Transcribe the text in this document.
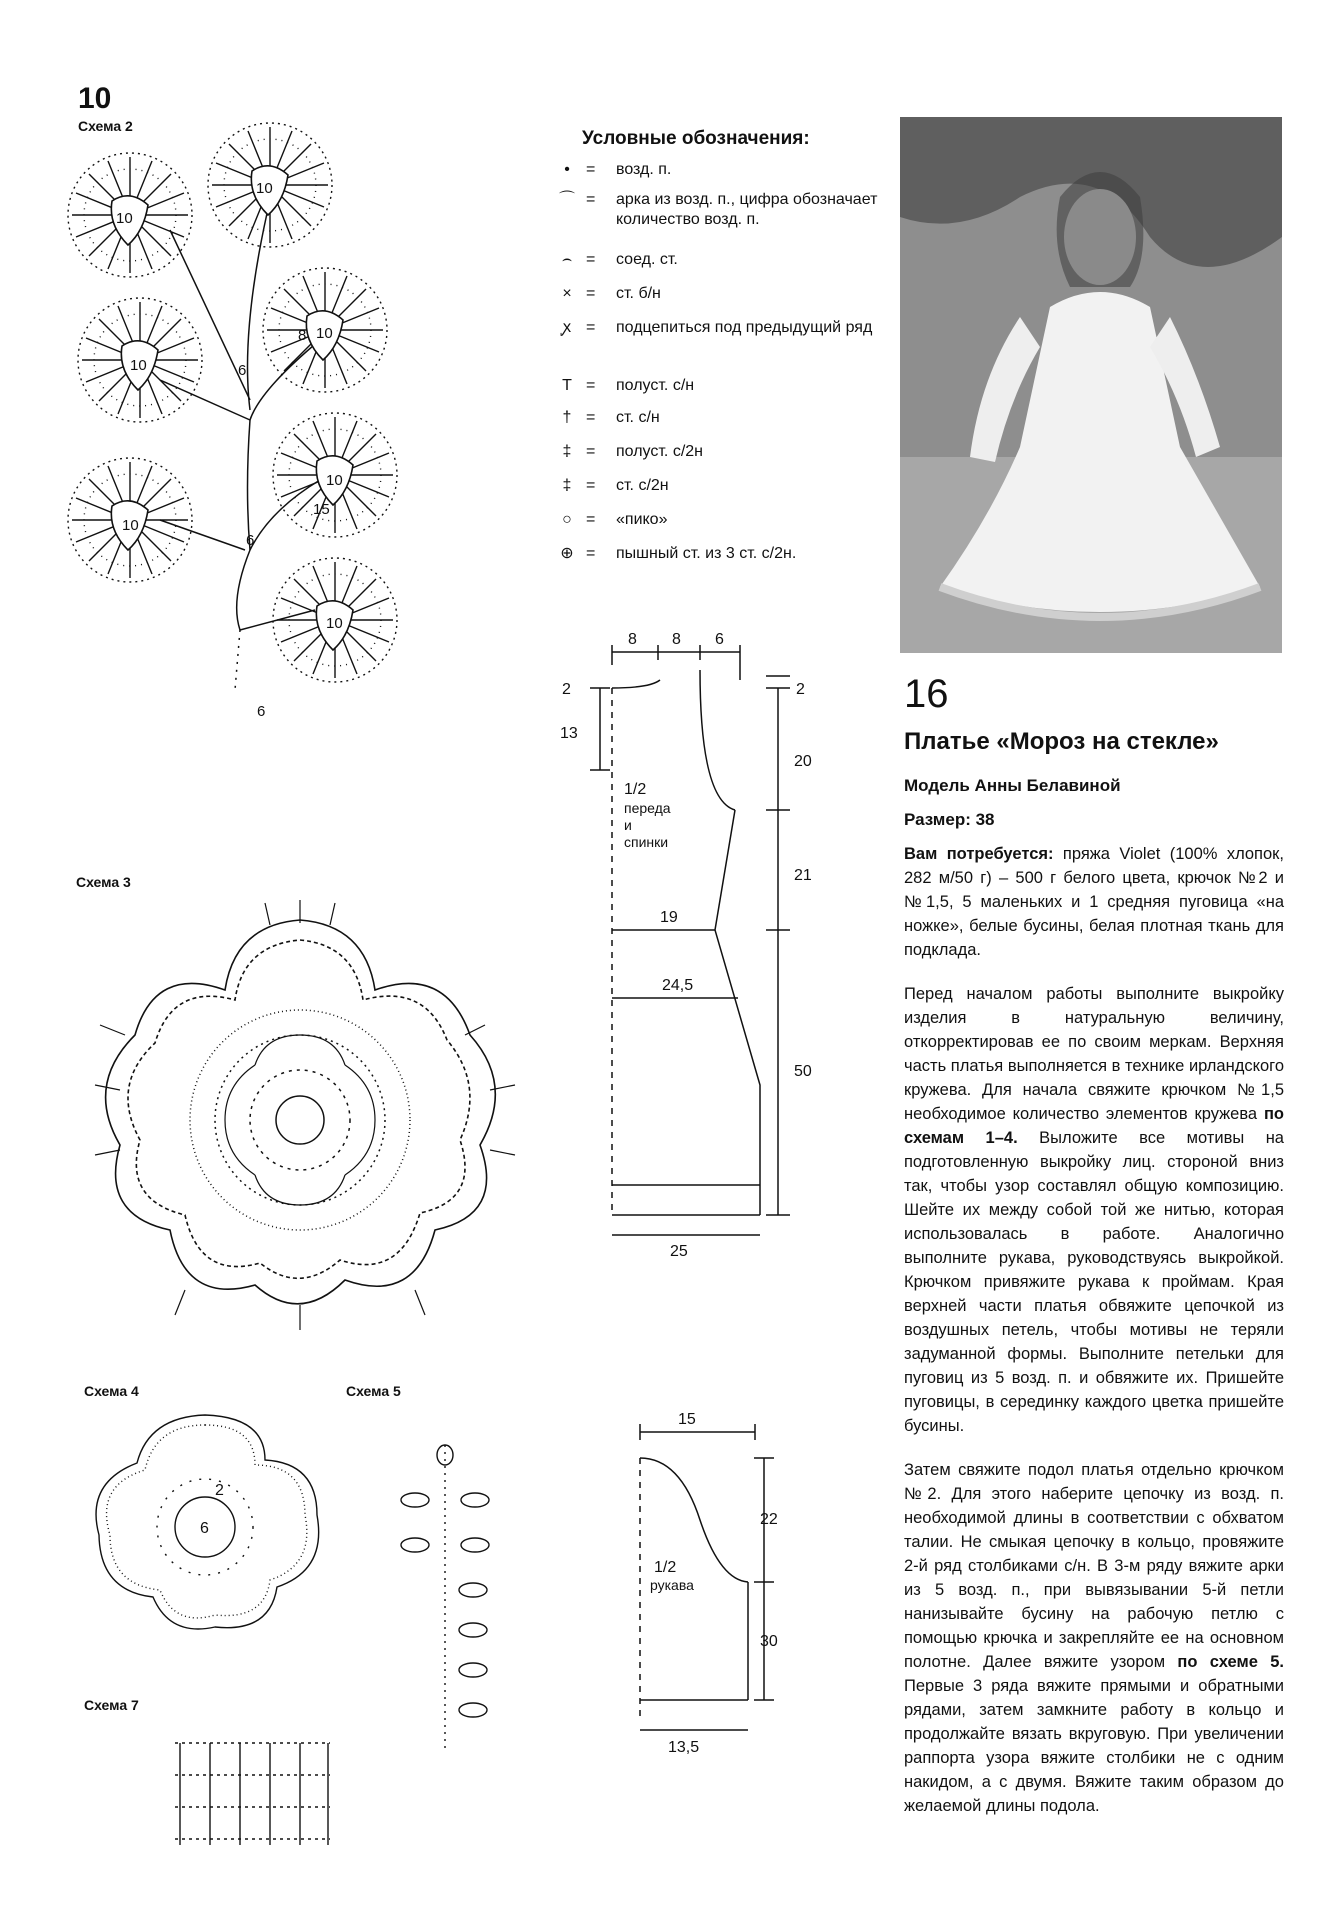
10
Схема 2
Схема 3
Схема 4	Схема 5
Схема 7
10
10
10
10
10
10
10
8
6
6
6
15
Условные обозначения:
• = возд. п.
⌒ = арка из возд. п., цифра обозначает количество возд. п.
⌢ = соед. ст.
× = ст. б/н
ꭙ = подцепиться под предыдущий ряд
T = полуст. с/н
† = ст. с/н
‡ = полуст. с/2н
‡ = ст. с/2н
○ = «пико»
⊕ = пышный ст. из 3 ст. с/2н.
8 8 6
2	2
13
20
21
50
1/2
переда
и
спинки
19
24,5
25
15
22
30
1/2
рукава
13,5
2
6
16
Платье «Мороз на стекле»
Модель Анны Белавиной
Размер: 38
Вам потребуется: пряжа Violet (100% хлопок, 282 м/50 г) – 500 г белого цвета, крючок №2 и №1,5, 5 маленьких и 1 средняя пуговица «на ножке», белые бусины, белая плотная ткань для подклада.
Перед началом работы выполните выкройку изделия в натуральную величину, откорректировав ее по своим меркам. Верхняя часть платья выполняется в технике ирландского кружева. Для начала свяжите крючком №1,5 необходимое количество элементов кружева по схемам 1–4. Выложите все мотивы на подготовленную выкройку лиц. стороной вниз так, чтобы узор составлял общую композицию. Шейте их между собой той же нитью, которая использовалась в работе. Аналогично выполните рукава, руководствуясь выкройкой. Крючком привяжите рукава к проймам. Края верхней части платья обвяжите цепочкой из воздушных петель, чтобы мотивы не теряли задуманной формы. Выполните петельки для пуговиц из 5 возд. п. и обвяжите их. Пришейте пуговицы, в серединку каждого цветка пришейте бусины.
Затем свяжите подол платья отдельно крючком №2. Для этого наберите цепочку из возд. п. необходимой длины в соответствии с обхватом талии. Не смыкая цепочку в кольцо, провяжите 2-й ряд столбиками с/н. В 3-м ряду вяжите арки из 5 возд. п., при вывязывании 5-й петли нанизывайте бусину на рабочую петлю с помощью крючка и закрепляйте ее на основном полотне. Далее вяжите узором по схеме 5. Первые 3 ряда вяжите прямыми и обратными рядами, затем замкните работу в кольцо и продолжайте вязать вкруговую. При увеличении раппорта узора вяжите столбики не с одним накидом, а с двумя. Вяжите таким образом до желаемой длины подола.
